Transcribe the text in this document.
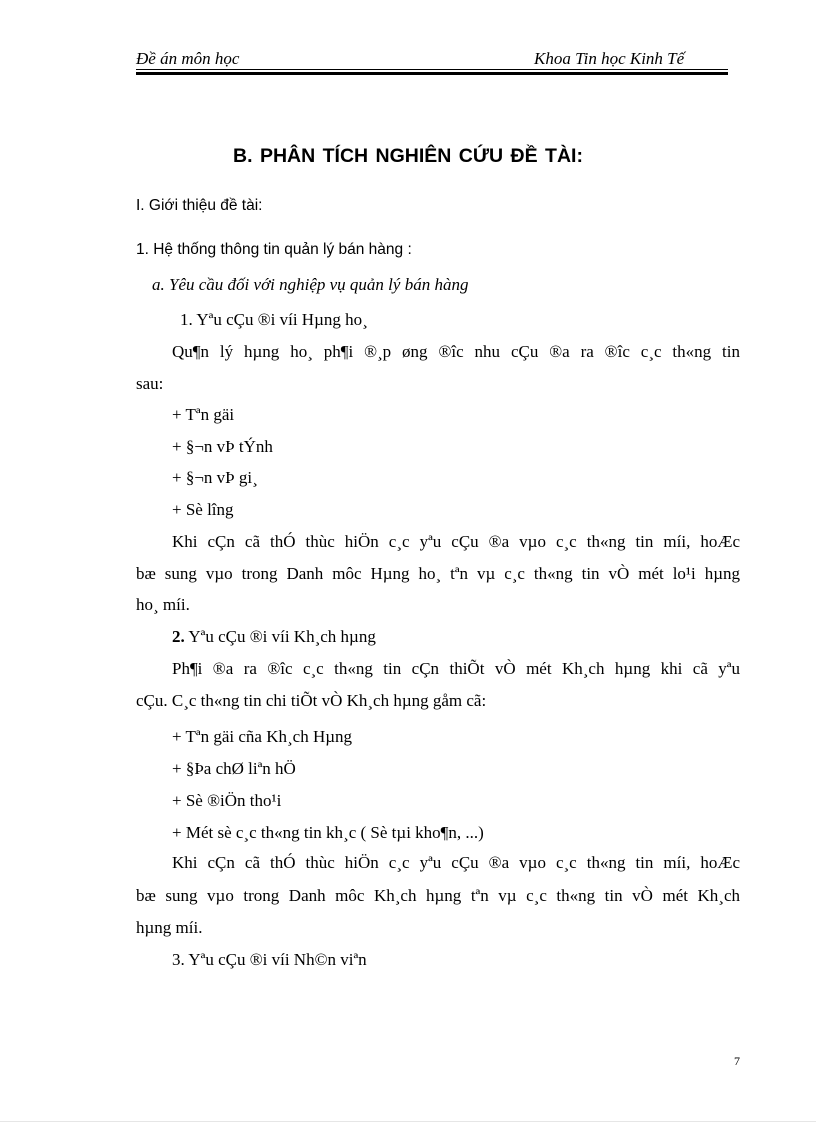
Đề án môn học	Khoa Tin học Kinh Tế
B. PHÂN TÍCH NGHIÊN CỨU ĐỀ TÀI:
I. Giới thiệu đề tài:
1. Hệ thống thông tin quản lý bán hàng :
a. Yêu cầu đối với nghiệp vụ quản lý bán hàng
1. Yªu cÇu ®i víi Hµng ho¸
Qu¶n lý hµng ho¸ ph¶i ®¸p øng ®îc nhu cÇu ®a ra ®îc c¸c th«ng tin
sau:
+ Tªn gäi
+ §¬n vÞ tÝnh
+ §¬n vÞ gi¸
+ Sè lîng
Khi cÇn cã thÓ thùc hiÖn c¸c yªu cÇu ®a vµo c¸c th«ng tin míi, hoÆc
bæ sung vµo trong Danh môc Hµng ho¸ tªn vµ c¸c th«ng tin vÒ mét lo¹i hµng
ho¸ míi.
2. Yªu cÇu ®i víi Kh¸ch hµng
Ph¶i ®a ra ®îc c¸c th«ng tin cÇn thiÕt vÒ mét Kh¸ch hµng khi cã yªu
cÇu. C¸c th«ng tin chi tiÕt vÒ Kh¸ch hµng gåm cã:
+ Tªn gäi cña Kh¸ch Hµng
+ §Þa chØ liªn hÖ
+ Sè ®iÖn tho¹i
+ Mét sè c¸c th«ng tin kh¸c ( Sè tµi kho¶n, ...)
Khi cÇn cã thÓ thùc hiÖn c¸c yªu cÇu ®a vµo c¸c th«ng tin míi, hoÆc
bæ sung vµo trong Danh môc Kh¸ch hµng tªn vµ c¸c th«ng tin vÒ mét Kh¸ch
hµng míi.
3. Yªu cÇu ®i víi Nh©n viªn
7
